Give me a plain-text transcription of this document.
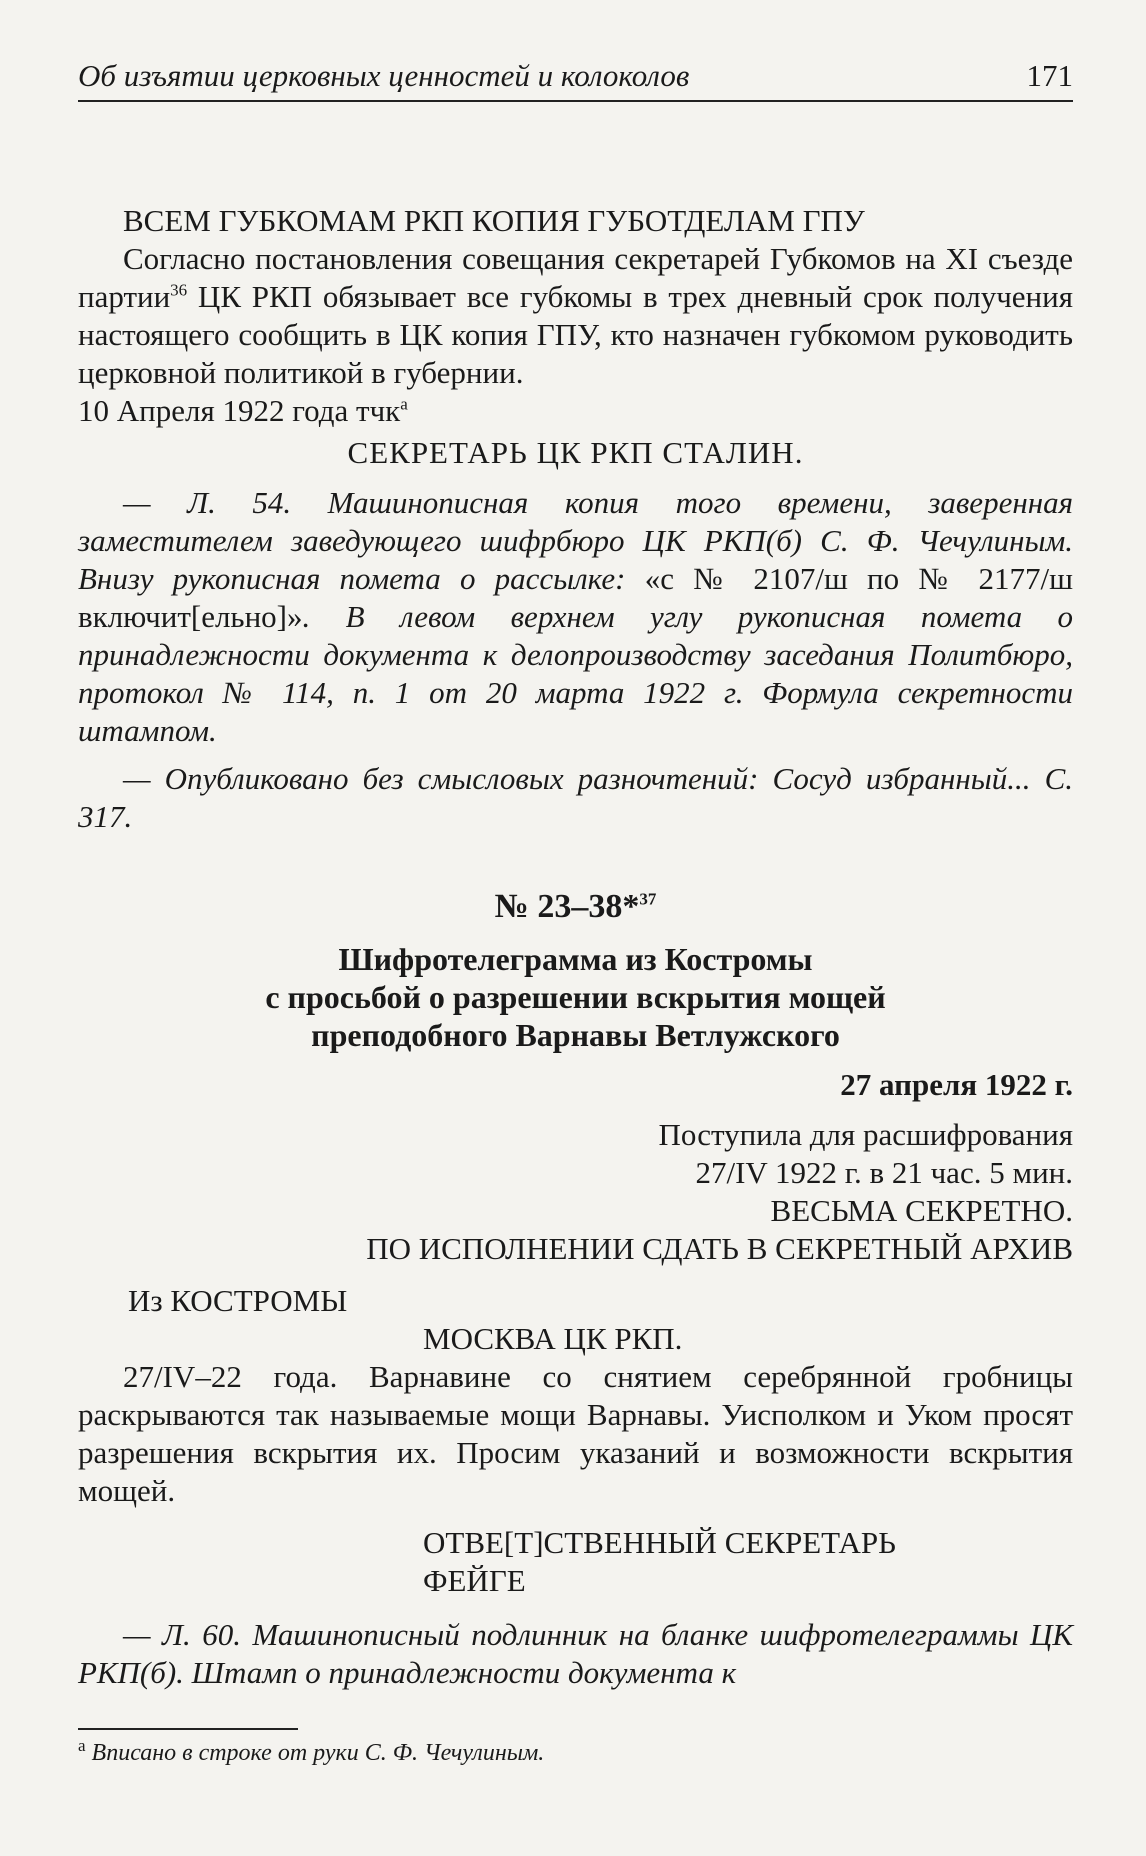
Об изъятии церковных ценностей и колоколов	171

ВСЕМ ГУБКОМАМ РКП КОПИЯ ГУБОТДЕЛАМ ГПУ

Согласно постановления совещания секретарей Губкомов на XI съезде партии$^{36}$ ЦК РКП обязывает все губкомы в трех дневный срок получения настоящего сообщить в ЦК копия ГПУ, кто назначен губкомом руководить церковной политикой в губернии.

10 Апреля 1922 года тчк$^а$

СЕКРЕТАРЬ ЦК РКП СТАЛИН.

— Л. 54. Машинописная копия того времени, заверенная заместителем заведующего шифрбюро ЦК РКП(б) С. Ф. Чечулиным. Внизу рукописная помета о рассылке: «с № 2107/ш по № 2177/ш включит[ельно]». В левом верхнем углу рукописная помета о принадлежности документа к делопроизводству заседания Политбюро, протокол № 114, п. 1 от 20 марта 1922 г. Формула секретности штампом.

— Опубликовано без смысловых разночтений: Сосуд избранный... С. 317.

№ 23–38*$^{37}$

Шифротелеграмма из Костромы

с просьбой о разрешении вскрытия мощей

преподобного Варнавы Ветлужского

27 апреля 1922 г.

Поступила для расшифрования

27/IV 1922 г. в 21 час. 5 мин.

ВЕСЬМА СЕКРЕТНО.

ПО ИСПОЛНЕНИИ СДАТЬ В СЕКРЕТНЫЙ АРХИВ

Из КОСТРОМЫ

МОСКВА ЦК РКП.

27/IV–22 года. Варнавине со снятием серебрянной гробницы раскрываются так называемые мощи Варнавы. Уисполком и Уком просят разрешения вскрытия их. Просим указаний и возможности вскрытия мощей.

ОТВЕ[Т]СТВЕННЫЙ СЕКРЕТАРЬ

ФЕЙГЕ

— Л. 60. Машинописный подлинник на бланке шифротелеграммы ЦК РКП(б). Штамп о принадлежности документа к

$^а$ Вписано в строке от руки С. Ф. Чечулиным.
